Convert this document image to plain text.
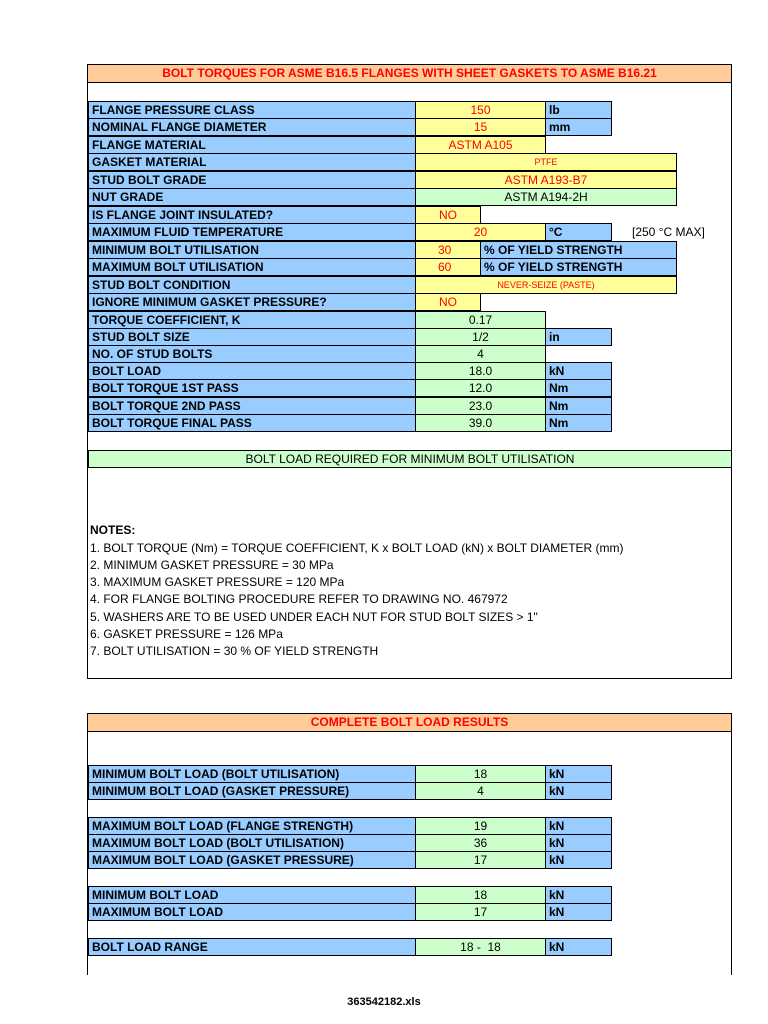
BOLT TORQUES FOR ASME B16.5 FLANGES WITH SHEET GASKETS TO ASME B16.21
FLANGE PRESSURE CLASS	150	lb
NOMINAL FLANGE DIAMETER	15	mm
FLANGE MATERIAL	ASTM A105
GASKET MATERIAL	PTFE
STUD BOLT GRADE	ASTM A193-B7
NUT GRADE	ASTM A194-2H
IS FLANGE JOINT INSULATED?	NO
MAXIMUM FLUID TEMPERATURE	20	°C	[250 °C MAX]
MINIMUM BOLT UTILISATION	30	% OF YIELD STRENGTH
MAXIMUM BOLT UTILISATION	60	% OF YIELD STRENGTH
STUD BOLT CONDITION	NEVER-SEIZE (PASTE)
IGNORE MINIMUM GASKET PRESSURE?	NO
TORQUE COEFFICIENT, K	0.17
STUD BOLT SIZE	1/2	in
NO. OF STUD BOLTS	4
BOLT LOAD	18.0	kN
BOLT TORQUE 1ST PASS	12.0	Nm
BOLT TORQUE 2ND PASS	23.0	Nm
BOLT TORQUE FINAL PASS	39.0	Nm
BOLT LOAD REQUIRED FOR MINIMUM BOLT UTILISATION
NOTES:
1. BOLT TORQUE (Nm) = TORQUE COEFFICIENT, K x BOLT LOAD (kN) x BOLT DIAMETER (mm)
2. MINIMUM GASKET PRESSURE = 30 MPa
3. MAXIMUM GASKET PRESSURE = 120 MPa
4. FOR FLANGE BOLTING PROCEDURE REFER TO DRAWING NO. 467972
5. WASHERS ARE TO BE USED UNDER EACH NUT FOR STUD BOLT SIZES > 1"
6. GASKET PRESSURE = 126 MPa
7. BOLT UTILISATION = 30 % OF YIELD STRENGTH
COMPLETE BOLT LOAD RESULTS
MINIMUM BOLT LOAD (BOLT UTILISATION)	18	kN
MINIMUM BOLT LOAD (GASKET PRESSURE)	4	kN
MAXIMUM BOLT LOAD (FLANGE STRENGTH)	19	kN
MAXIMUM BOLT LOAD (BOLT UTILISATION)	36	kN
MAXIMUM BOLT LOAD (GASKET PRESSURE)	17	kN
MINIMUM BOLT LOAD	18	kN
MAXIMUM BOLT LOAD	17	kN
BOLT LOAD RANGE	18 -  18	kN
363542182.xls
